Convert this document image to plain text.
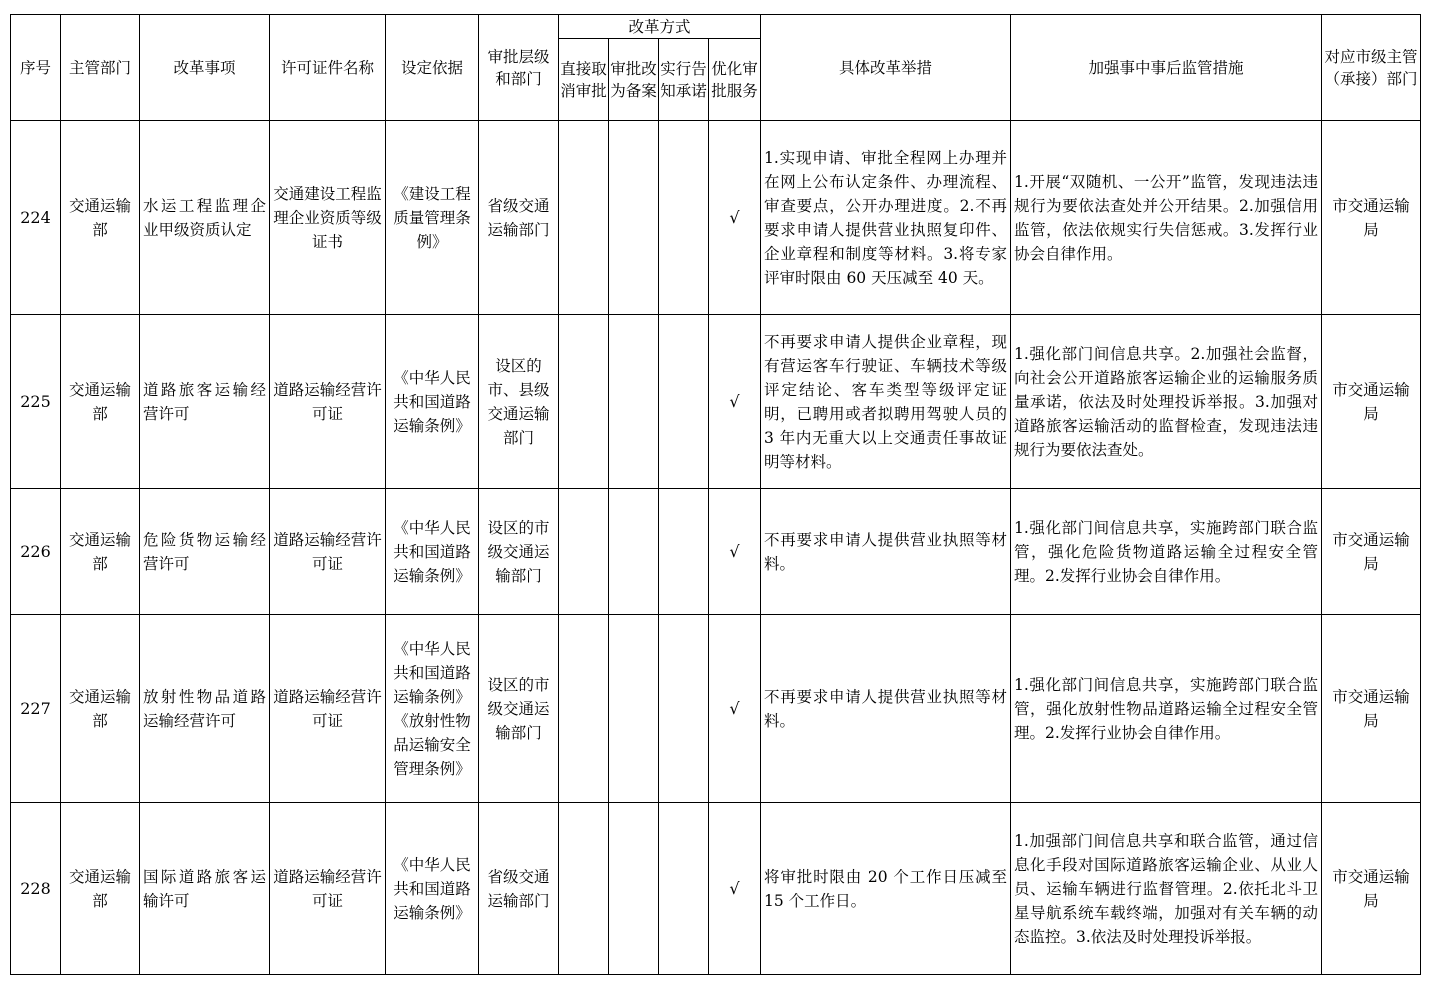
序号	主管部门	改革事项	许可证件名称	设定依据	审批层级和部门	改革方式				具体改革举措	加强事中事后监管措施	对应市级主管（承接）部门
						直接取消审批	审批改为备案	实行告知承诺	优化审批服务			
224	交通运输部	水运工程监理企业甲级资质认定	交通建设工程监理企业资质等级证书	《建设工程质量管理条例》	省级交通运输部门				√	1.实现申请、审批全程网上办理并在网上公布认定条件、办理流程、审查要点，公开办理进度。2.不再要求申请人提供营业执照复印件、企业章程和制度等材料。3.将专家评审时限由 60 天压减至 40 天。	1.开展“双随机、一公开”监管，发现违法违规行为要依法查处并公开结果。2.加强信用监管，依法依规实行失信惩戒。3.发挥行业协会自律作用。	市交通运输局
225	交通运输部	道路旅客运输经营许可	道路运输经营许可证	《中华人民共和国道路运输条例》	设区的市、县级交通运输部门				√	不再要求申请人提供企业章程，现有营运客车行驶证、车辆技术等级评定结论、客车类型等级评定证明，已聘用或者拟聘用驾驶人员的 3 年内无重大以上交通责任事故证明等材料。	1.强化部门间信息共享。2.加强社会监督，向社会公开道路旅客运输企业的运输服务质量承诺，依法及时处理投诉举报。3.加强对道路旅客运输活动的监督检查，发现违法违规行为要依法查处。	市交通运输局
226	交通运输部	危险货物运输经营许可	道路运输经营许可证	《中华人民共和国道路运输条例》	设区的市级交通运输部门				√	不再要求申请人提供营业执照等材料。	1.强化部门间信息共享，实施跨部门联合监管，强化危险货物道路运输全过程安全管理。2.发挥行业协会自律作用。	市交通运输局
227	交通运输部	放射性物品道路运输经营许可	道路运输经营许可证	《中华人民共和国道路运输条例》《放射性物品运输安全管理条例》	设区的市级交通运输部门				√	不再要求申请人提供营业执照等材料。	1.强化部门间信息共享，实施跨部门联合监管，强化放射性物品道路运输全过程安全管理。2.发挥行业协会自律作用。	市交通运输局
228	交通运输部	国际道路旅客运输许可	道路运输经营许可证	《中华人民共和国道路运输条例》	省级交通运输部门				√	将审批时限由 20 个工作日压减至 15 个工作日。	1.加强部门间信息共享和联合监管，通过信息化手段对国际道路旅客运输企业、从业人员、运输车辆进行监督管理。2.依托北斗卫星导航系统车载终端，加强对有关车辆的动态监控。3.依法及时处理投诉举报。	市交通运输局
